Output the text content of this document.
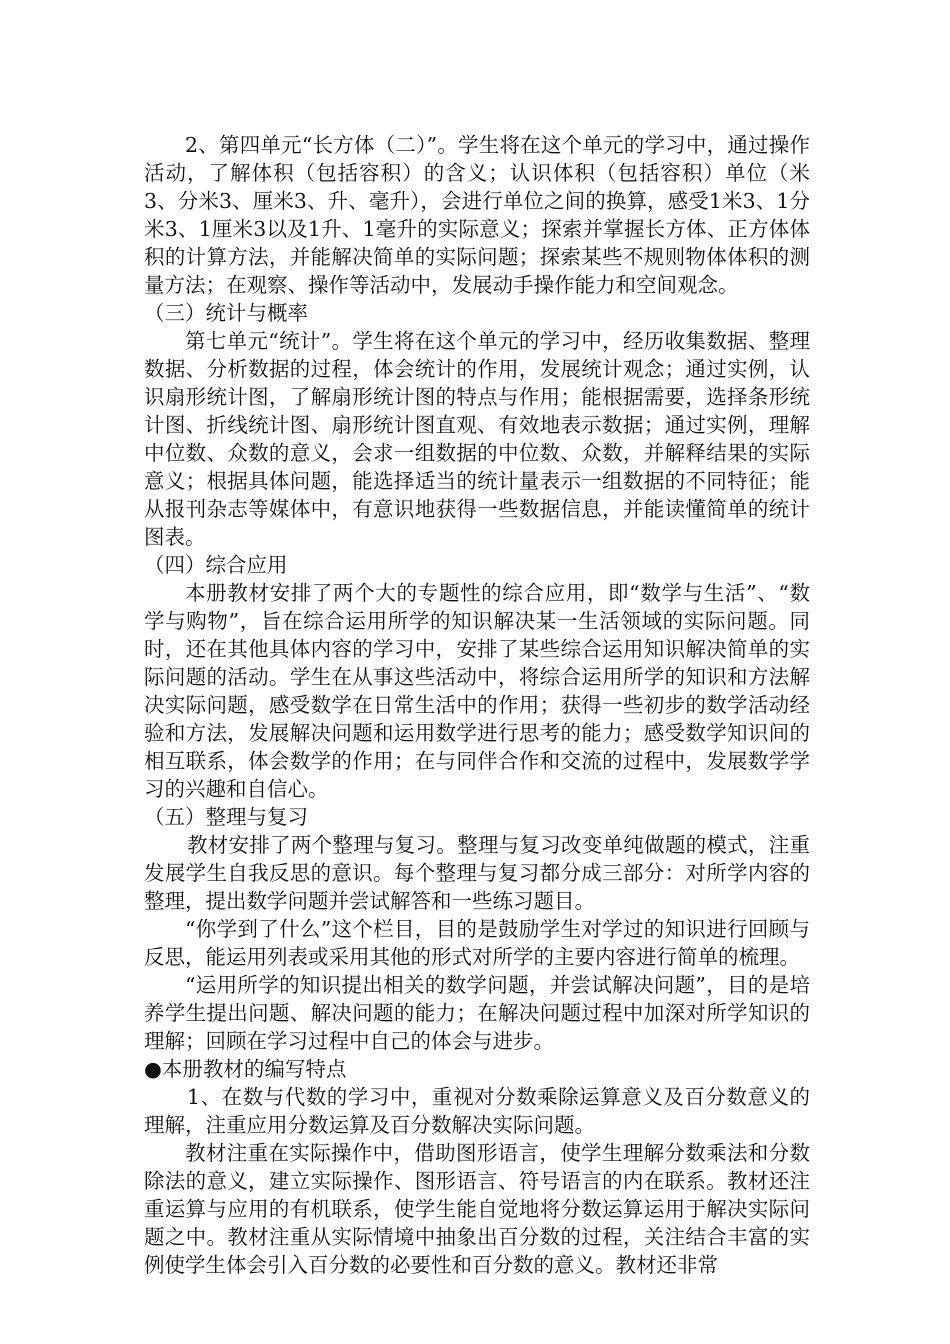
2、第四单元“长方体（二）”。学生将在这个单元的学习中，通过操作活动，了解体积（包括容积）的含义；认识体积（包括容积）单位（米3、分米3、厘米3、升、毫升），会进行单位之间的换算，感受1米3、1分米3、1厘米3以及1升、1毫升的实际意义；探索并掌握长方体、正方体体积的计算方法，并能解决简单的实际问题；探索某些不规则物体体积的测量方法；在观察、操作等活动中，发展动手操作能力和空间观念。

（三）统计与概率

第七单元“统计”。学生将在这个单元的学习中，经历收集数据、整理数据、分析数据的过程，体会统计的作用，发展统计观念；通过实例，认识扇形统计图，了解扇形统计图的特点与作用；能根据需要，选择条形统计图、折线统计图、扇形统计图直观、有效地表示数据；通过实例，理解中位数、众数的意义，会求一组数据的中位数、众数，并解释结果的实际意义；根据具体问题，能选择适当的统计量表示一组数据的不同特征；能从报刊杂志等媒体中，有意识地获得一些数据信息，并能读懂简单的统计图表。

（四）综合应用

本册教材安排了两个大的专题性的综合应用，即“数学与生活”、“数学与购物”，旨在综合运用所学的知识解决某一生活领域的实际问题。同时，还在其他具体内容的学习中，安排了某些综合运用知识解决简单的实际问题的活动。学生在从事这些活动中，将综合运用所学的知识和方法解决实际问题，感受数学在日常生活中的作用；获得一些初步的数学活动经验和方法，发展解决问题和运用数学进行思考的能力；感受数学知识间的相互联系，体会数学的作用；在与同伴合作和交流的过程中，发展数学学习的兴趣和自信心。

（五）整理与复习

教材安排了两个整理与复习。整理与复习改变单纯做题的模式，注重发展学生自我反思的意识。每个整理与复习都分成三部分：对所学内容的整理，提出数学问题并尝试解答和一些练习题目。

“你学到了什么”这个栏目，目的是鼓励学生对学过的知识进行回顾与反思，能运用列表或采用其他的形式对所学的主要内容进行简单的梳理。

“运用所学的知识提出相关的数学问题，并尝试解决问题”，目的是培养学生提出问题、解决问题的能力；在解决问题过程中加深对所学知识的理解；回顾在学习过程中自己的体会与进步。

●本册教材的编写特点

1、在数与代数的学习中，重视对分数乘除运算意义及百分数意义的理解，注重应用分数运算及百分数解决实际问题。

教材注重在实际操作中，借助图形语言，使学生理解分数乘法和分数除法的意义，建立实际操作、图形语言、符号语言的内在联系。教材还注重运算与应用的有机联系，使学生能自觉地将分数运算运用于解决实际问题之中。教材注重从实际情境中抽象出百分数的过程，关注结合丰富的实例使学生体会引入百分数的必要性和百分数的意义。教材还非常
